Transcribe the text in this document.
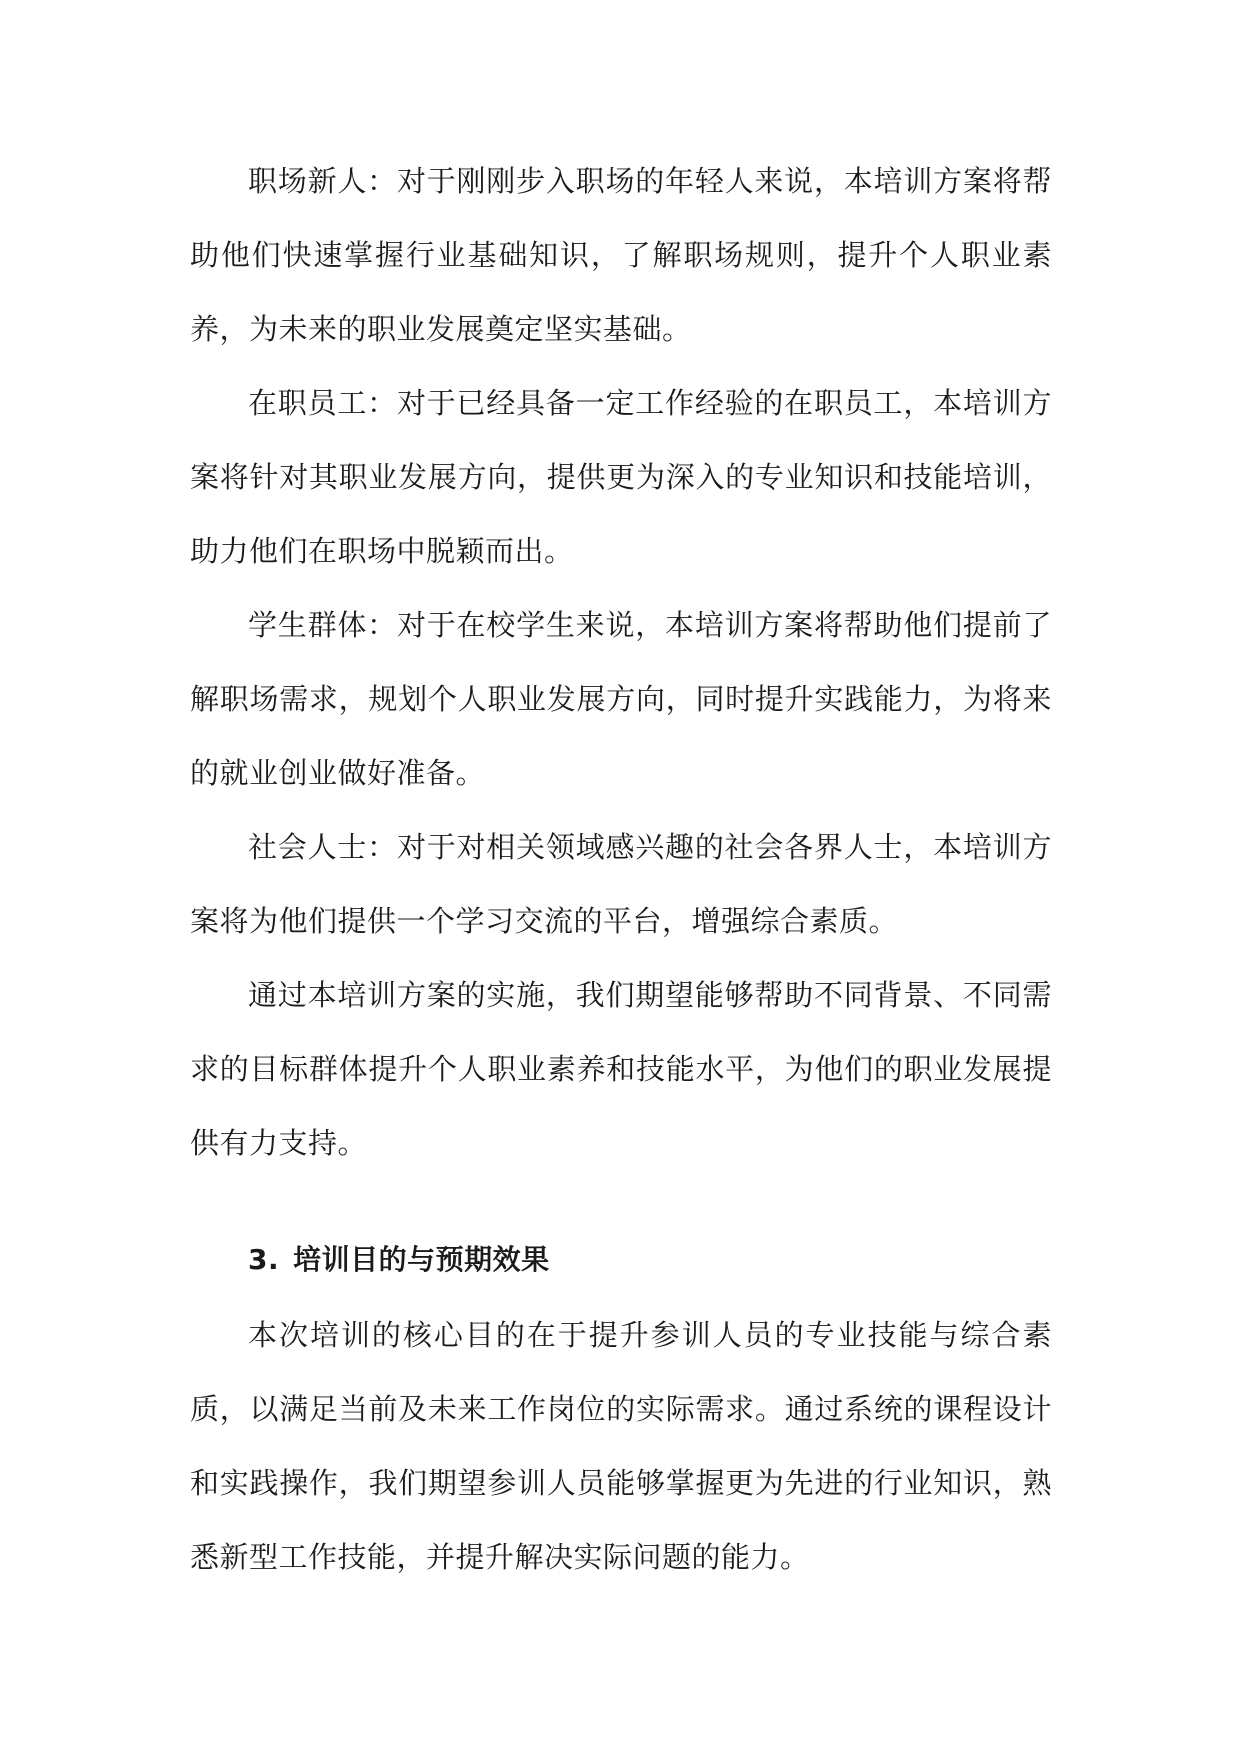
职场新人：对于刚刚步入职场的年轻人来说，本培训方案将帮助他们快速掌握行业基础知识，了解职场规则，提升个人职业素养，为未来的职业发展奠定坚实基础。

在职员工：对于已经具备一定工作经验的在职员工，本培训方案将针对其职业发展方向，提供更为深入的专业知识和技能培训，助力他们在职场中脱颖而出。

学生群体：对于在校学生来说，本培训方案将帮助他们提前了解职场需求，规划个人职业发展方向，同时提升实践能力，为将来的就业创业做好准备。

社会人士：对于对相关领域感兴趣的社会各界人士，本培训方案将为他们提供一个学习交流的平台，增强综合素质。

通过本培训方案的实施，我们期望能够帮助不同背景、不同需求的目标群体提升个人职业素养和技能水平，为他们的职业发展提供有力支持。

3. 培训目的与预期效果

本次培训的核心目的在于提升参训人员的专业技能与综合素质，以满足当前及未来工作岗位的实际需求。通过系统的课程设计和实践操作，我们期望参训人员能够掌握更为先进的行业知识，熟悉新型工作技能，并提升解决实际问题的能力。
